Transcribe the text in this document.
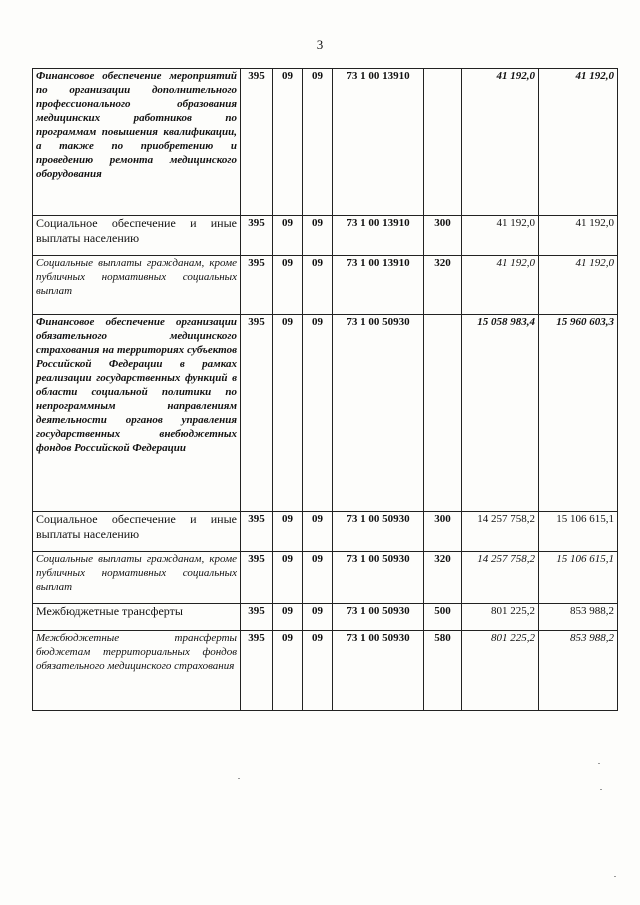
3
Финансовое обеспечение мероприятий по организации дополнительного профессионального образования медицинских работников по программам повышения квалификации, а также по приобретению и проведению ремонта медицинского оборудования	395	09	09	73 1 00 13910		41 192,0	41 192,0
Социальное обеспечение и иные выплаты населению	395	09	09	73 1 00 13910	300	41 192,0	41 192,0
Социальные выплаты гражданам, кроме публичных нормативных социальных выплат	395	09	09	73 1 00 13910	320	41 192,0	41 192,0
Финансовое обеспечение организации обязательного медицинского страхования на территориях субъектов Российской Федерации в рамках реализации государственных функций в области социальной политики по непрограммным направлениям деятельности органов управления государственных внебюджетных фондов Российской Федерации	395	09	09	73 1 00 50930		15 058 983,4	15 960 603,3
Социальное обеспечение и иные выплаты населению	395	09	09	73 1 00 50930	300	14 257 758,2	15 106 615,1
Социальные выплаты гражданам, кроме публичных нормативных социальных выплат	395	09	09	73 1 00 50930	320	14 257 758,2	15 106 615,1
Межбюджетные трансферты	395	09	09	73 1 00 50930	500	801 225,2	853 988,2
Межбюджетные трансферты бюджетам территориальных фондов обязательного медицинского страхования	395	09	09	73 1 00 50930	580	801 225,2	853 988,2
